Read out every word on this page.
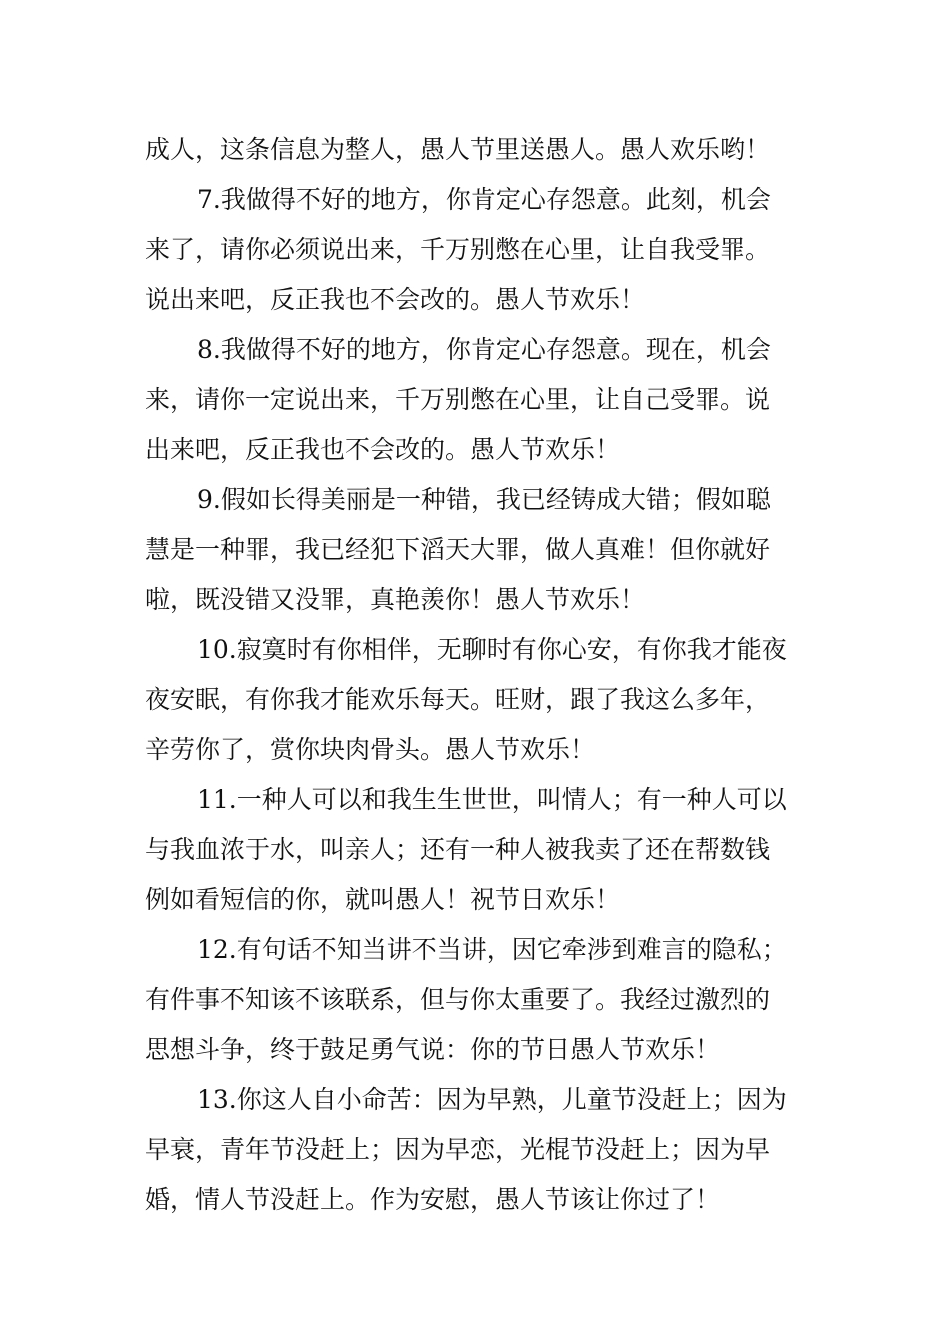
成人，这条信息为整人，愚人节里送愚人。愚人欢乐哟！
7.我做得不好的地方，你肯定心存怨意。此刻，机会
来了，请你必须说出来，千万别憋在心里，让自我受罪。
说出来吧，反正我也不会改的。愚人节欢乐！
8.我做得不好的地方，你肯定心存怨意。现在，机会
来，请你一定说出来，千万别憋在心里，让自己受罪。说
出来吧，反正我也不会改的。愚人节欢乐！
9.假如长得美丽是一种错，我已经铸成大错；假如聪
慧是一种罪，我已经犯下滔天大罪，做人真难！但你就好
啦，既没错又没罪，真艳羡你！愚人节欢乐！
10.寂寞时有你相伴，无聊时有你心安，有你我才能夜
夜安眠，有你我才能欢乐每天。旺财，跟了我这么多年，
辛劳你了，赏你块肉骨头。愚人节欢乐！
11.一种人可以和我生生世世，叫情人；有一种人可以
与我血浓于水，叫亲人；还有一种人被我卖了还在帮数钱
例如看短信的你，就叫愚人！祝节日欢乐！
12.有句话不知当讲不当讲，因它牵涉到难言的隐私；
有件事不知该不该联系，但与你太重要了。我经过激烈的
思想斗争，终于鼓足勇气说：你的节日愚人节欢乐！
13.你这人自小命苦：因为早熟，儿童节没赶上；因为
早衰，青年节没赶上；因为早恋，光棍节没赶上；因为早
婚，情人节没赶上。作为安慰，愚人节该让你过了！
